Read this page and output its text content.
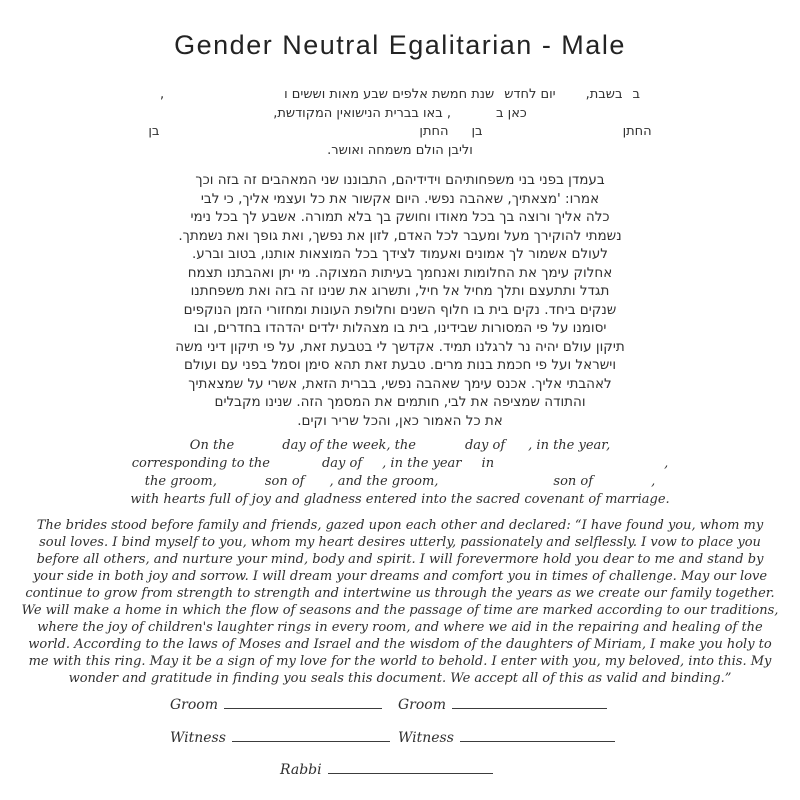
Gender Neutral Egalitarian - Male
בבשבת,יום לחדששנת חמשת אלפים שבע מאות וששים ו,
כאן ב, באו בברית הנישואין המקודשת,
החתןבןהחתןבן
וליבן הולם משמחה ואושר.
בעמדן בפני בני משפחותיהם וידידיהם, התבוננו שני המאהבים זה בזה וכך
אמרו: 'מצאתיך, שאהבה נפשי. היום אקשור את כל ועצמי אליך, כי לבי
כלה אליך ורוצה בך בכל מאודו וחושק בך בלא תמורה. אשבע לך בכל נימי
נשמתי להוקירך מעל ומעבר לכל האדם, לזון את נפשך, ואת גופך ואת נשמתך.
לעולם אשמור לך אמונים ואעמוד לצידך בכל המוצאות אותנו, בטוב וברע.
אחלוק עימך את החלומות ואנחמך בעיתות המצוקה. מי יתן ואהבתנו תצמח
תגדל ותתעצם ותלך מחיל אל חיל, ותשרוג את שנינו זה בזה ואת משפחתנו
שנקים ביחד. נקים בית בו חלוף השנים וחלופת העונות ומחזורי הזמן הנוקפים
יסומנו על פי המסורות שבידינו, בית בו מצהלות ילדים יהדהדו בחדרים, ובו
תיקון עולם יהיה נר לרגלנו תמיד. אקדשך לי בטבעת זאת, על פי תיקון דיני משה
וישראל ועל פי חכמת בנות מרים. טבעת זאת תהא סימן וסמל בפני עם ועולם
לאהבתי אליך. אכנס עימך שאהבה נפשי, בברית הזאת, אשרי על שמצאתיך
והתודה שמציפה את לבי, חותמים את המסמך הזה. שנינו מקבלים
את כל האמור כאן, והכל שריר וקים.
On the	day of the week, the	day of , in the year,
corresponding to the	day of , in the year in	,
the groom,	son of , and the groom,	son of	,
with hearts full of joy and gladness entered into the sacred covenant of marriage.
The brides stood before family and friends, gazed upon each other and declared: “I have found you, whom my
soul loves. I bind myself to you, whom my heart desires utterly, passionately and selflessly. I vow to place you
before all others, and nurture your mind, body and spirit. I will forevermore hold you dear to me and stand by
your side in both joy and sorrow. I will dream your dreams and comfort you in times of challenge. May our love
continue to grow from strength to strength and intertwine us through the years as we create our family together.
We will make a home in which the flow of seasons and the passage of time are marked according to our traditions,
where the joy of children's laughter rings in every room, and where we aid in the repairing and healing of the
world. According to the laws of Moses and Israel and the wisdom of the daughters of Miriam, I make you holy to
me with this ring. May it be a sign of my love for the world to behold. I enter with you, my beloved, into this. My
wonder and gratitude in finding you seals this document. We accept all of this as valid and binding.”
Groom	Groom
Witness	Witness
Rabbi
